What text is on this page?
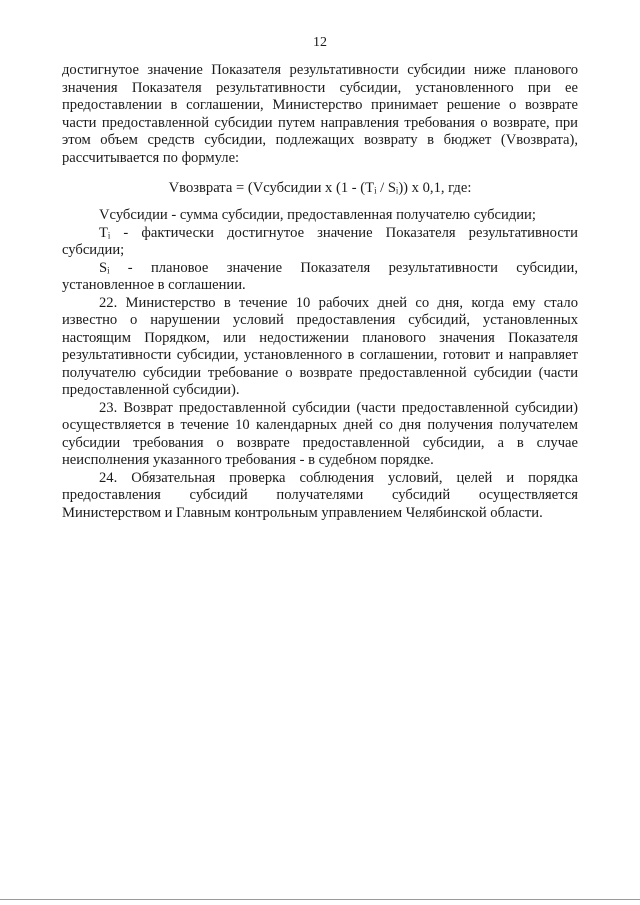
12

достигнутое значение Показателя результативности субсидии ниже планового значения Показателя результативности субсидии, установленного при ее предоставлении в соглашении, Министерство принимает решение о возврате части предоставленной субсидии путем направления требования о возврате, при этом объем средств субсидии, подлежащих возврату в бюджет (Vвозврата), рассчитывается по формуле:

Vвозврата = (Vсубсидии х (1 - (Tᵢ / Sᵢ)) х 0,1, где:

Vсубсидии - сумма субсидии, предоставленная получателю субсидии;

Tᵢ - фактически достигнутое значение Показателя результативности субсидии;

Sᵢ - плановое значение Показателя результативности субсидии, установленное в соглашении.

22. Министерство в течение 10 рабочих дней со дня, когда ему стало известно о нарушении условий предоставления субсидий, установленных настоящим Порядком, или недостижении планового значения Показателя результативности субсидии, установленного в соглашении, готовит и направляет получателю субсидии требование о возврате предоставленной субсидии (части предоставленной субсидии).

23. Возврат предоставленной субсидии (части предоставленной субсидии) осуществляется в течение 10 календарных дней со дня получения получателем субсидии требования о возврате предоставленной субсидии, а в случае неисполнения указанного требования - в судебном порядке.

24. Обязательная проверка соблюдения условий, целей и порядка предоставления субсидий получателями субсидий осуществляется Министерством и Главным контрольным управлением Челябинской области.
